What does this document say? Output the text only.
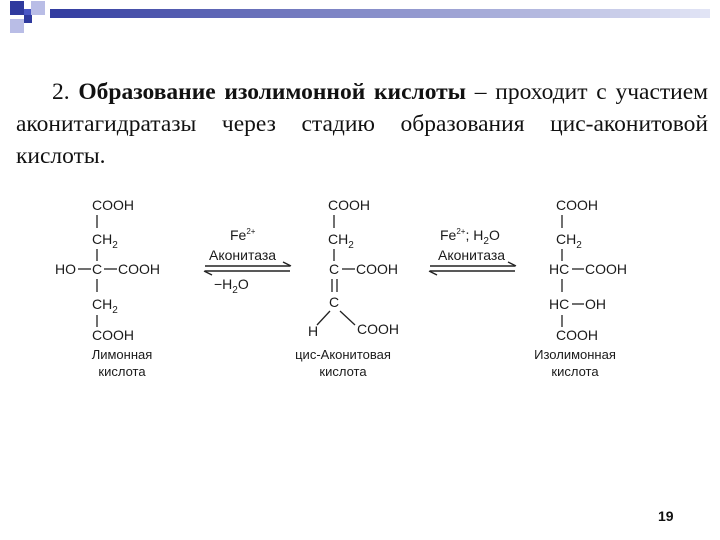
2. Образование изолимонной кислоты – проходит с участием аконитагидратазы через стадию образования цис-аконитовой кислоты.

COOH
$CH_2$
HO C COOH
$CH_2$
COOH
Лимонная
кислота
$Fe^{2+}$
Аконитаза
$-H_2O$
COOH
$CH_2$
C COOH
C
H	COOH
цис-Аконитовая
кислота
$Fe^{2+}$; $H_2O$
Аконитаза
COOH
$CH_2$
HC COOH
HC OH
COOH
Изолимонная
кислота
19
